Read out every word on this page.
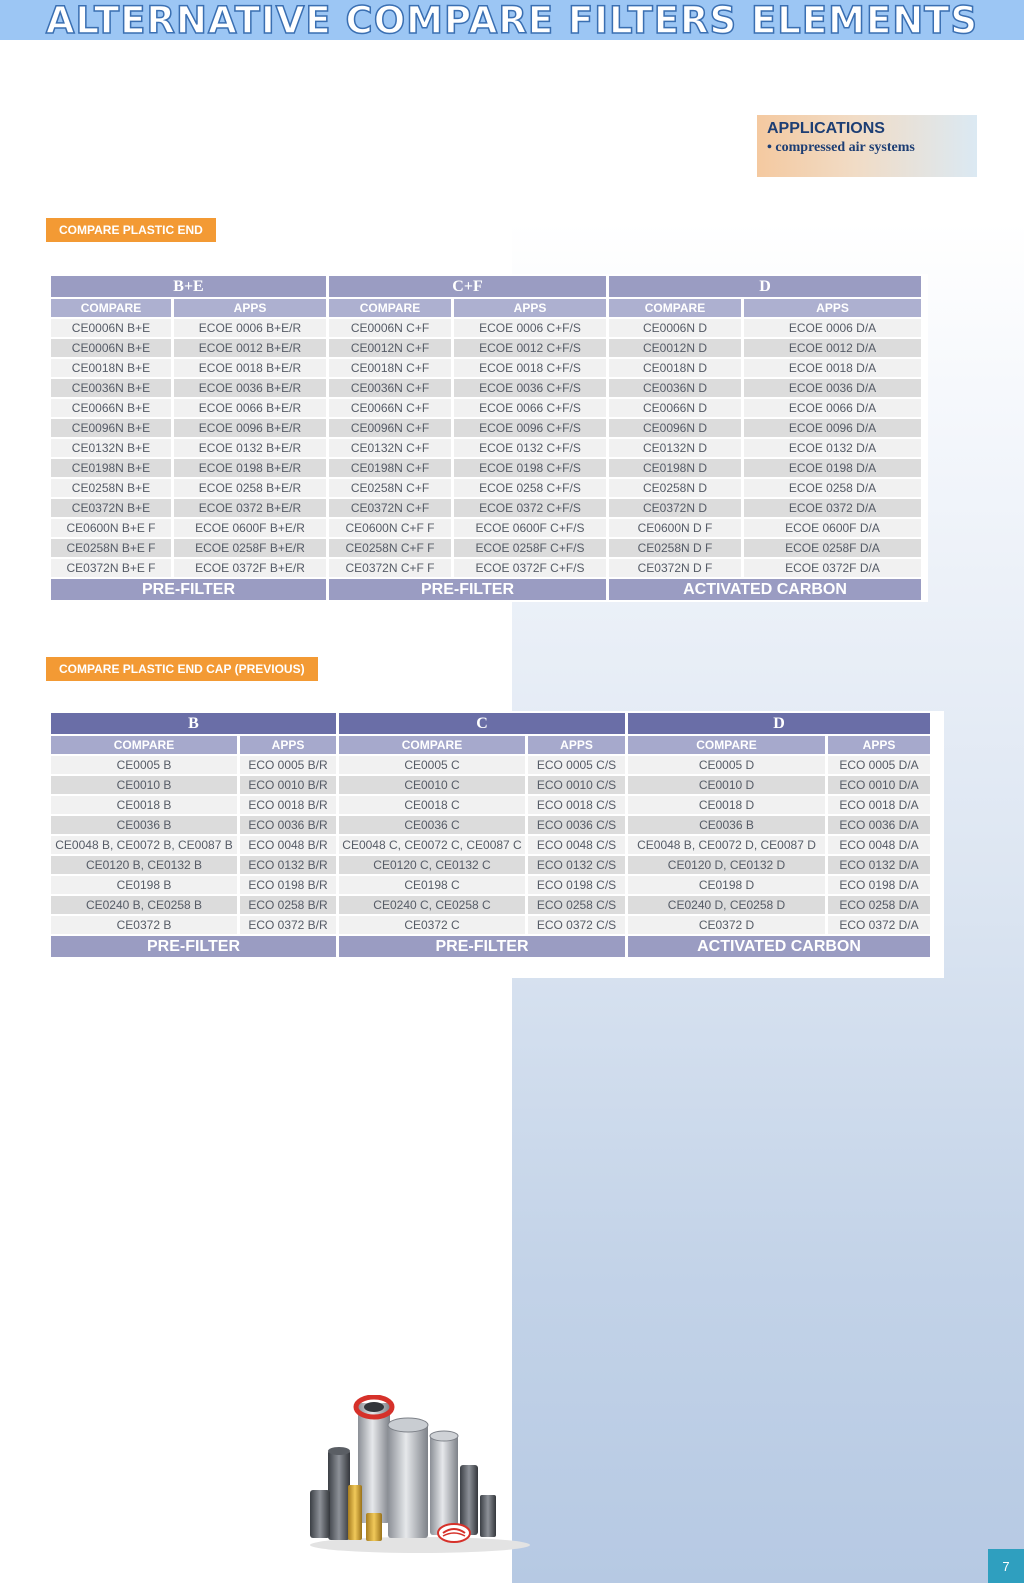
ALTERNATIVE COMPARE FILTERS ELEMENTS
APPLICATIONS
• compressed air systems
COMPARE PLASTIC END
B+E		C+F		D	
COMPARE	APPS	COMPARE	APPS	COMPARE	APPS
CE0006N B+E	ECOE 0006 B+E/R	CE0006N C+F	ECOE 0006 C+F/S	CE0006N D	ECOE 0006 D/A
CE0006N B+E	ECOE 0012 B+E/R	CE0012N C+F	ECOE 0012 C+F/S	CE0012N D	ECOE 0012 D/A
CE0018N B+E	ECOE 0018 B+E/R	CE0018N C+F	ECOE 0018 C+F/S	CE0018N D	ECOE 0018 D/A
CE0036N B+E	ECOE 0036 B+E/R	CE0036N C+F	ECOE 0036 C+F/S	CE0036N D	ECOE 0036 D/A
CE0066N B+E	ECOE 0066 B+E/R	CE0066N C+F	ECOE 0066 C+F/S	CE0066N D	ECOE 0066 D/A
CE0096N B+E	ECOE 0096 B+E/R	CE0096N C+F	ECOE 0096 C+F/S	CE0096N D	ECOE 0096 D/A
CE0132N B+E	ECOE 0132 B+E/R	CE0132N C+F	ECOE 0132 C+F/S	CE0132N D	ECOE 0132 D/A
CE0198N B+E	ECOE 0198 B+E/R	CE0198N C+F	ECOE 0198 C+F/S	CE0198N D	ECOE 0198 D/A
CE0258N B+E	ECOE 0258 B+E/R	CE0258N C+F	ECOE 0258 C+F/S	CE0258N D	ECOE 0258 D/A
CE0372N B+E	ECOE 0372 B+E/R	CE0372N C+F	ECOE 0372 C+F/S	CE0372N D	ECOE 0372 D/A
CE0600N B+E F	ECOE 0600F B+E/R	CE0600N C+F F	ECOE 0600F C+F/S	CE0600N D F	ECOE 0600F D/A
CE0258N B+E F	ECOE 0258F B+E/R	CE0258N C+F F	ECOE 0258F C+F/S	CE0258N D F	ECOE 0258F D/A
CE0372N B+E F	ECOE 0372F B+E/R	CE0372N C+F F	ECOE 0372F C+F/S	CE0372N D F	ECOE 0372F D/A
PRE-FILTER		PRE-FILTER		ACTIVATED CARBON	
COMPARE PLASTIC END CAP (PREVIOUS)
B		C		D	
COMPARE	APPS	COMPARE	APPS	COMPARE	APPS
CE0005 B	ECO 0005 B/R	CE0005 C	ECO 0005 C/S	CE0005 D	ECO 0005 D/A
CE0010 B	ECO 0010 B/R	CE0010 C	ECO 0010 C/S	CE0010 D	ECO 0010 D/A
CE0018 B	ECO 0018 B/R	CE0018 C	ECO 0018 C/S	CE0018 D	ECO 0018 D/A
CE0036 B	ECO 0036 B/R	CE0036 C	ECO 0036 C/S	CE0036 B	ECO 0036 D/A
CE0048 B, CE0072 B, CE0087 B	ECO 0048 B/R	CE0048 C, CE0072 C, CE0087 C	ECO 0048 C/S	CE0048 B, CE0072 D, CE0087 D	ECO 0048 D/A
CE0120 B, CE0132 B	ECO 0132 B/R	CE0120 C, CE0132 C	ECO 0132 C/S	CE0120 D, CE0132 D	ECO 0132 D/A
CE0198 B	ECO 0198 B/R	CE0198 C	ECO 0198 C/S	CE0198 D	ECO 0198 D/A
CE0240 B, CE0258 B	ECO 0258 B/R	CE0240 C, CE0258 C	ECO 0258 C/S	CE0240 D, CE0258 D	ECO 0258 D/A
CE0372 B	ECO 0372 B/R	CE0372 C	ECO 0372 C/S	CE0372 D	ECO 0372 D/A
PRE-FILTER		PRE-FILTER		ACTIVATED CARBON	
7
